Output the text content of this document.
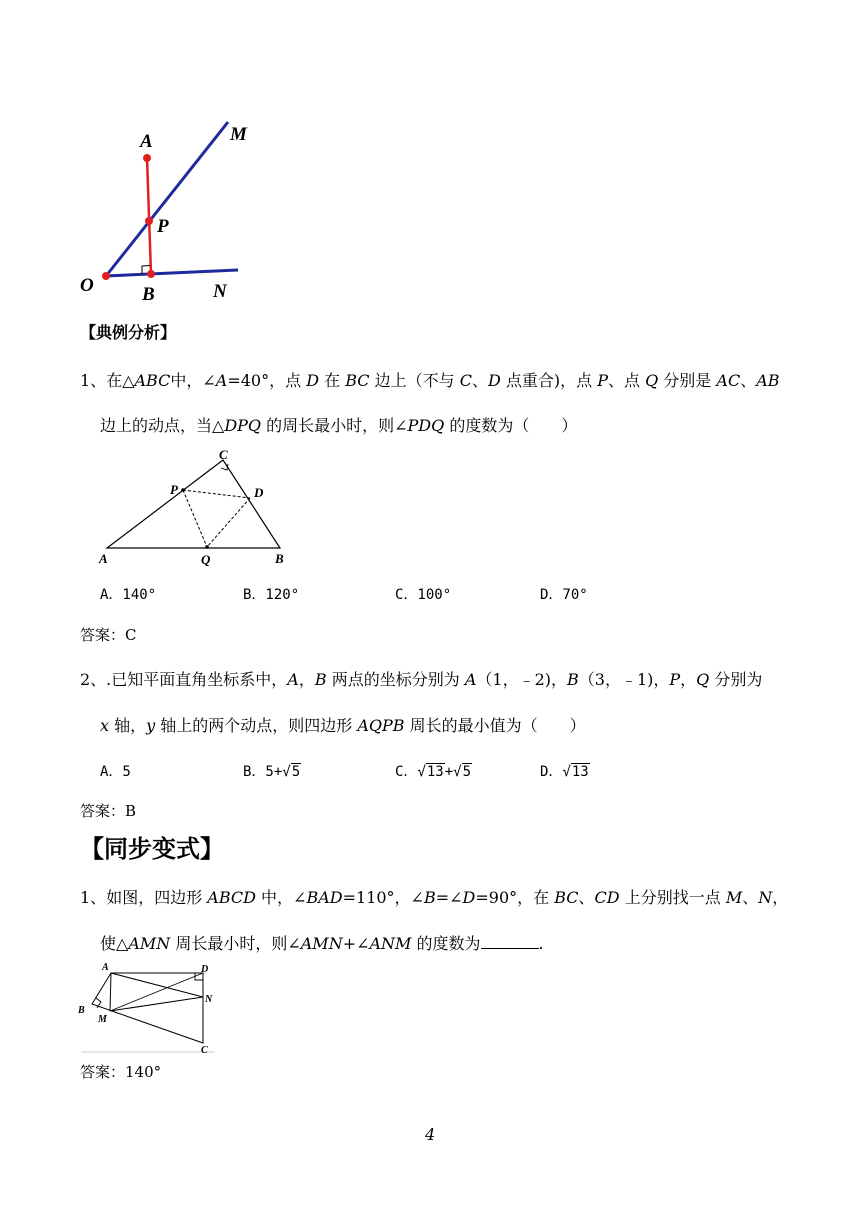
A	M
P
O	B	N
【典例分析】
1、在△ABC中，∠A=40°，点 D 在 BC 边上（不与 C、D 点重合)，点 P、点 Q 分别是 AC、AB
边上的动点，当△DPQ 的周长最小时，则∠PDQ 的度数为（　　）
C
P	D
A	Q	B
A．140°	B．120°	C．100°	D．70°
答案：C
2、.已知平面直角坐标系中，A，B 两点的坐标分别为 A（1，﹣2)，B（3，﹣1)，P，Q 分别为
x 轴，y 轴上的两个动点，则四边形 AQPB 周长的最小值为（　　）
A．5	B．5+√5	C．√13+√5	D．√13
答案：B
【同步变式】
1、如图，四边形 ABCD 中，∠BAD=110°，∠B=∠D=90°，在 BC、CD 上分别找一点 M、N，
使△AMN 周长最小时，则∠AMN+∠ANM 的度数为	.
A	D
N
B
M
C
答案：140°
4
